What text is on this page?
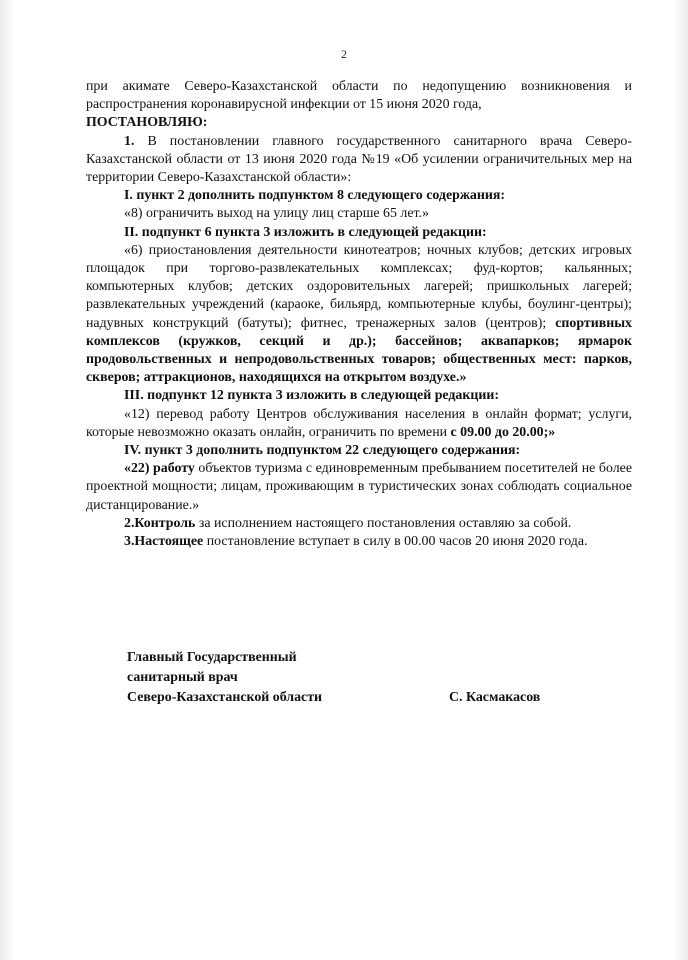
2

при акимате Северо-Казахстанской области по недопущению возникновения и распространения коронавирусной инфекции от 15 июня 2020 года,

ПОСТАНОВЛЯЮ:

1. В постановлении главного государственного санитарного врача Северо-Казахстанской области от 13 июня 2020 года №19 «Об усилении ограничительных мер на территории Северо-Казахстанской области»:

I. пункт 2 дополнить подпунктом 8 следующего содержания:

«8) ограничить выход на улицу лиц старше 65 лет.»

II. подпункт 6 пункта 3 изложить в следующей редакции:

«6) приостановления деятельности кинотеатров; ночных клубов; детских игровых площадок при торгово-развлекательных комплексах; фуд-кортов; кальянных; компьютерных клубов; детских оздоровительных лагерей; пришкольных лагерей; развлекательных учреждений (караоке, бильярд, компьютерные клубы, боулинг-центры); надувных конструкций (батуты); фитнес, тренажерных залов (центров); спортивных комплексов (кружков, секций и др.); бассейнов; аквапарков; ярмарок продовольственных и непродовольственных товаров; общественных мест: парков, скверов; аттракционов, находящихся на открытом воздухе.»

III. подпункт 12 пункта 3 изложить в следующей редакции:

«12) перевод работу Центров обслуживания населения в онлайн формат; услуги, которые невозможно оказать онлайн, ограничить по времени с 09.00 до 20.00;»

IV. пункт 3 дополнить подпунктом 22 следующего содержания:

«22) работу объектов туризма с единовременным пребыванием посетителей не более проектной мощности; лицам, проживающим в туристических зонах соблюдать социальное дистанцирование.»

2.Контроль за исполнением настоящего постановления оставляю за собой.

3.Настоящее постановление вступает в силу в 00.00 часов 20 июня 2020 года.

Главный Государственный
санитарный врач
Северо-Казахстанской области	С. Касмакасов
